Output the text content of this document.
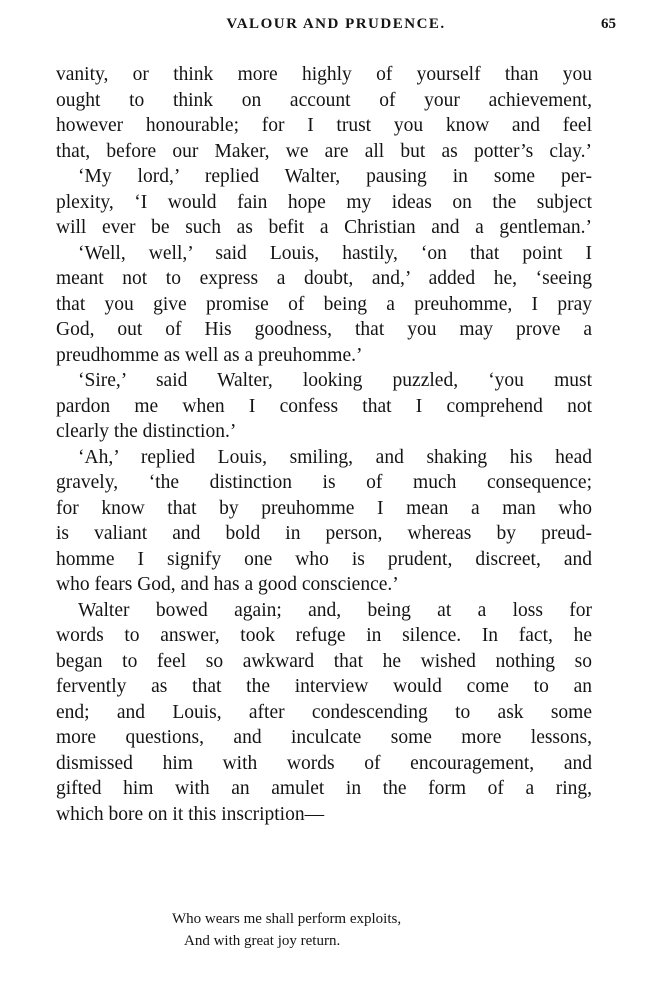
VALOUR AND PRUDENCE.	65
vanity, or think more highly of yourself than you
ought to think on account of your achievement,
however honourable; for I trust you know and feel
that, before our Maker, we are all but as potter’s clay.’
‘My lord,’ replied Walter, pausing in some per-
plexity, ‘I would fain hope my ideas on the subject
will ever be such as befit a Christian and a gentleman.’
‘Well, well,’ said Louis, hastily, ‘on that point I
meant not to express a doubt, and,’ added he, ‘seeing
that you give promise of being a preuhomme, I pray
God, out of His goodness, that you may prove a
preudhomme as well as a preuhomme.’
‘Sire,’ said Walter, looking puzzled, ‘you must
pardon me when I confess that I comprehend not
clearly the distinction.’
‘Ah,’ replied Louis, smiling, and shaking his head
gravely, ‘the distinction is of much consequence;
for know that by preuhomme I mean a man who
is valiant and bold in person, whereas by preud-
homme I signify one who is prudent, discreet, and
who fears God, and has a good conscience.’
Walter bowed again; and, being at a loss for
words to answer, took refuge in silence. In fact, he
began to feel so awkward that he wished nothing so
fervently as that the interview would come to an
end; and Louis, after condescending to ask some
more questions, and inculcate some more lessons,
dismissed him with words of encouragement, and
gifted him with an amulet in the form of a ring,
which bore on it this inscription—
Who wears me shall perform exploits,
And with great joy return.
